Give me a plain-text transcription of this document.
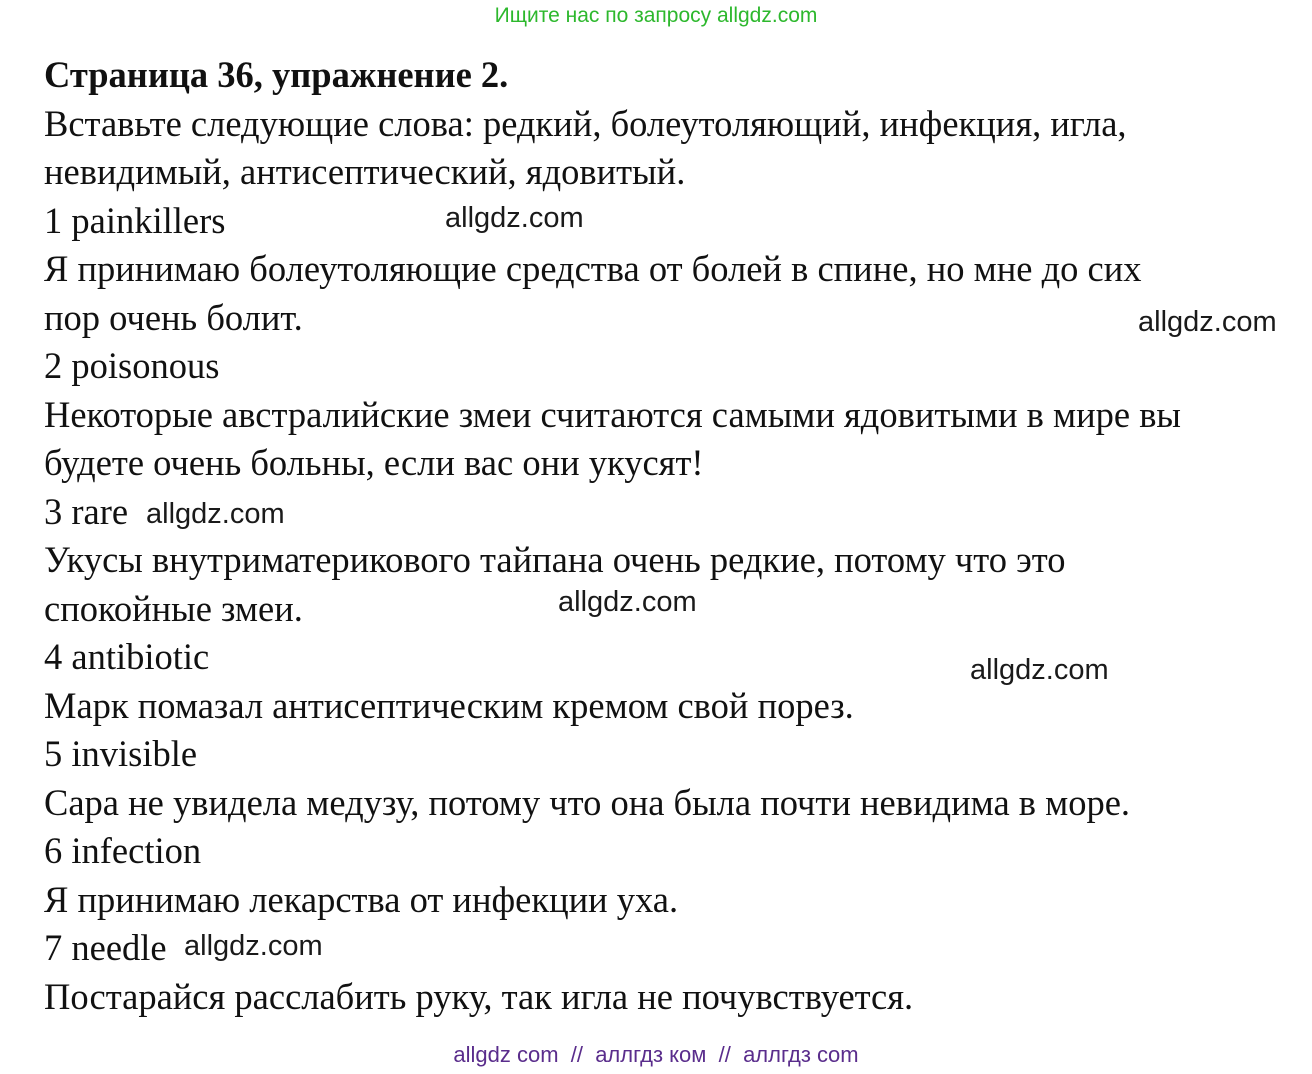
Ищите нас по запросу allgdz.com
Страница 36, упражнение 2.
Вставьте следующие слова: редкий, болеутоляющий, инфекция, игла,
невидимый, антисептический, ядовитый.
1 painkillers
Я принимаю болеутоляющие средства от болей в спине, но мне до сих
пор очень болит.
2 poisonous
Некоторые австралийские змеи считаются самыми ядовитыми в мире вы
будете очень больны, если вас они укусят!
3 rare
Укусы внутриматерикового тайпана очень редкие, потому что это
спокойные змеи.
4 antibiotic
Марк помазал антисептическим кремом свой порез.
5 invisible
Сара не увидела медузу, потому что она была почти невидима в море.
6 infection
Я принимаю лекарства от инфекции уха.
7 needle
Постарайся расслабить руку, так игла не почувствуется.
allgdz.com
allgdz.com
allgdz.com
allgdz.com
allgdz.com
allgdz.com
allgdz com  //  аллгдз ком  //  аллгдз com
